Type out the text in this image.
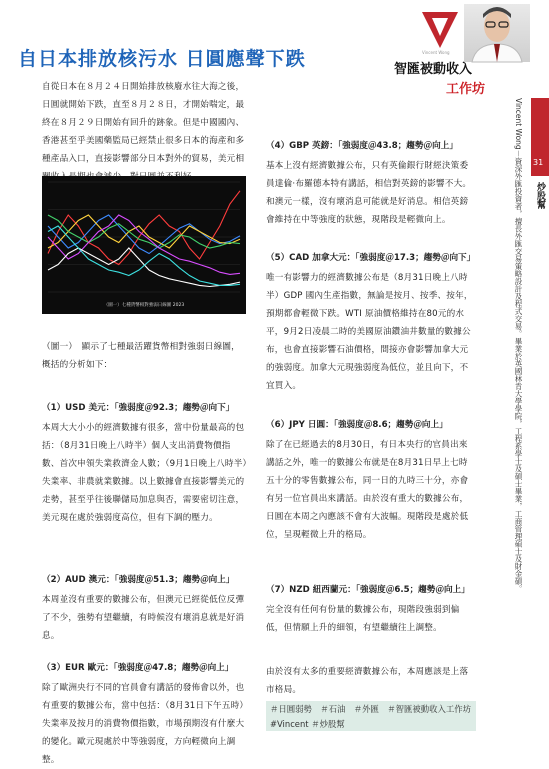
自日本排放核污水 日圓應聲下跌	Vincent Wong
智匯被動收入
工作坊
31
炒股幫
Vincent Wong－資深外匯投資者，擅長外匯交易策略設計及程式交易。畢業於英國林肯大學學院，工程系學士及碩士畢業，工商管理碩士及財金碩。

自從日本在８月２４日開始排放核廢水往大海之後，日圓就開始下跌，直至８月２８日，才開始喘定，最終在８月２９日開始有回升的跡象。但是中國國內、香港甚至乎美國藥監局已經禁止很多日本的海產和多種產品入口，直接影響部分日本對外的貿易，美元相

（圖一）七種貨幣相對強弱日線圖 2023

（圖一）　顯示了七種最活躍貨幣相對強弱日線圖，概括的分析如下：

（1）USD 美元：「強弱度＠92.3；趨勢＠向下」

本周大大小小的經濟數據有很多，當中份量最高的包括：（8月31日晚上八時半）個人支出消費物價指數、首次申領失業救濟金人數；（9月1日晚上八時半）失業率、非農就業數據。以上數據會直接影響美元的走勢，甚至乎往後聯儲局加息與否，需要密切注意，美元現在處於強弱度高位，但有下調的壓力。

（2）AUD 澳元：「強弱度＠51.3；趨勢＠向上」

本周並沒有重要的數據公布，但澳元已經從低位反彈了不少，強勢有望繼續，有時候沒有壞消息就是好消息。

（3）EUR 歐元：「強弱度＠47.8；趨勢＠向上」

除了歐洲央行不同的官員會有講話的發佈會以外，也有重要的數據公布，當中包括：（8月31日下午五時）失業率及按月的消費物價指數，市場預期沒有什麼大的變化。歐元現處於中等強弱度，方向輕微向上調整。

（4）GBP 英鎊：「強弱度＠43.8；趨勢＠向上」

基本上沒有經濟數據公布，只有英倫銀行財經決策委員達倫·布羅德本特有講話，相信對英鎊的影響不大。和澳元一樣，沒有壞消息可能就是好消息。相信英鎊會維持在中等強度的狀態，現階段是輕微向上。

（5）CAD 加拿大元：「強弱度＠17.3；趨勢＠向下」

唯一有影響力的經濟數據公布是（8月31日晚上八時半）GDP 國內生產指數，無論是按月、按季、按年，預期都會輕微下跌。WTI 原油價格維持在80元的水平，9月2日凌晨二時的美國原油鑽油井數量的數據公布，也會直接影響石油價格，間接亦會影響加拿大元的強弱度。加拿大元現強弱度為低位，並且向下，不宜買入。

（6）JPY 日圓：「強弱度＠8.6；趨勢＠向上」

除了在已經過去的8月30日，有日本央行的官員出來講話之外，唯一的數據公布就是在8月31日早上七時五十分的零售數據公布，同一日的九時三十分，亦會有另一位官員出來講話。由於沒有重大的數據公布，日圓在本周之內應該不會有大波幅。現階段是處於低位，呈現輕微上升的格局。

（7）NZD 紐西蘭元：「強弱度＠6.5；趨勢＠向上」

完全沒有任何有份量的數據公布，現階段強弱到偏低，但情願上升的細領，有望繼續往上調整。

由於沒有太多的重要經濟數據公布，本周應該是上落市格局。

＃日圓弱勢　＃石油　＃外匯　＃智匯被動收入工作坊　#Vincent ＃炒股幫
